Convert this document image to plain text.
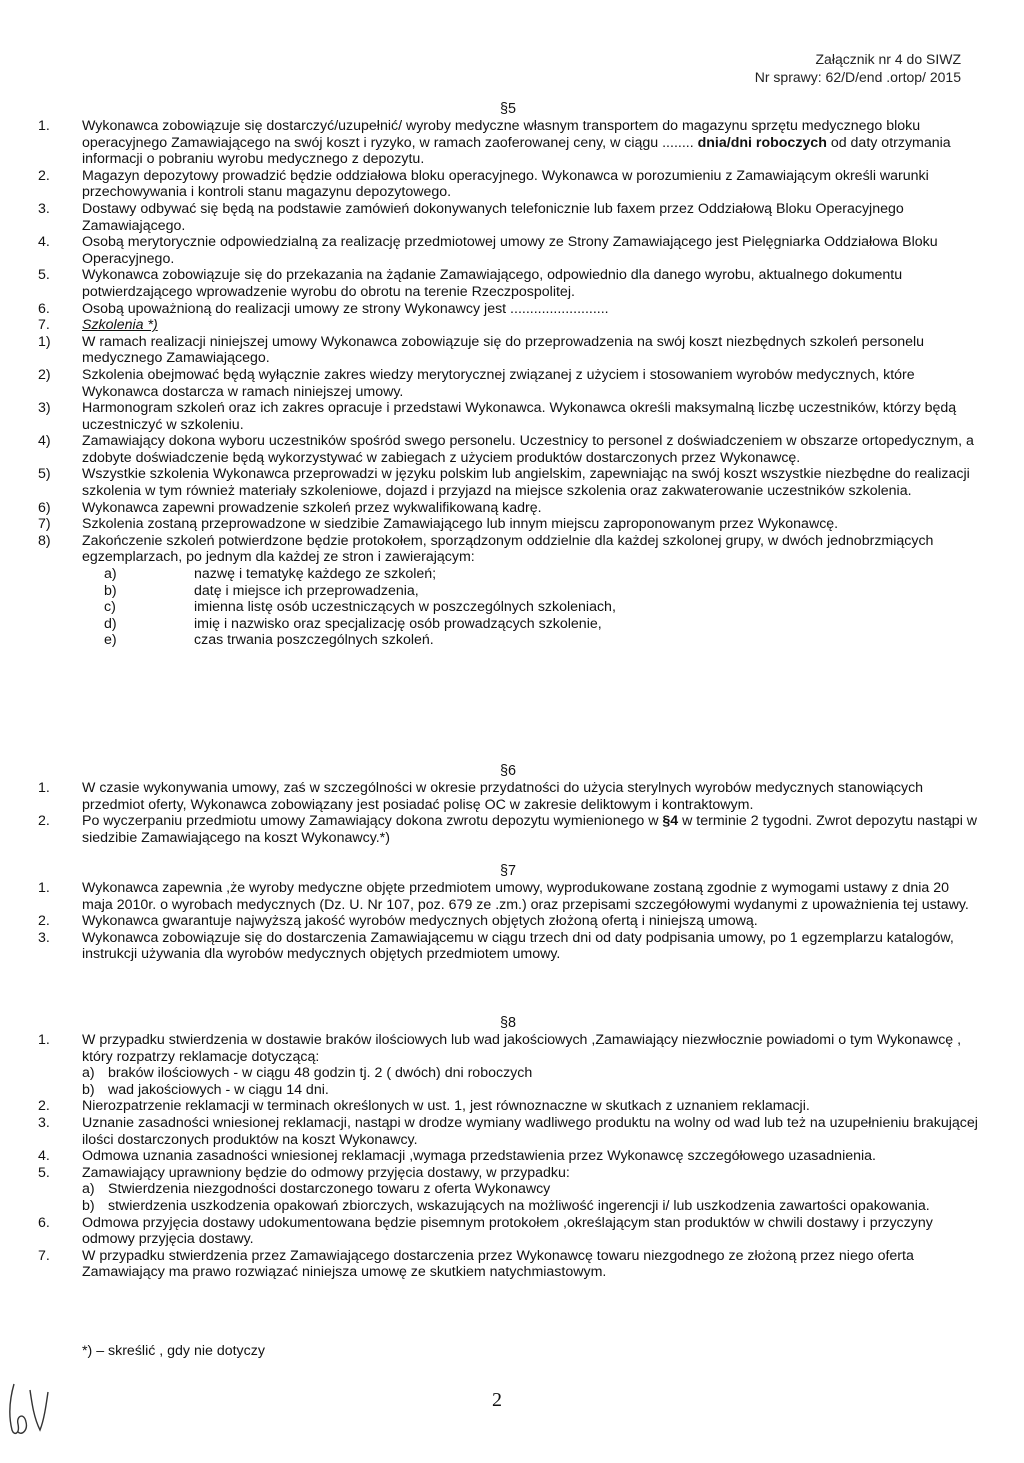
Załącznik nr 4 do SIWZ
Nr sprawy: 62/D/end .ortop/ 2015
§5
1.	Wykonawca zobowiązuje się dostarczyć/uzupełnić/ wyroby medyczne własnym transportem do magazynu sprzętu medycznego bloku operacyjnego Zamawiającego na swój koszt i ryzyko, w ramach zaoferowanej ceny, w ciągu ........ dnia/dni roboczych od daty otrzymania informacji o pobraniu wyrobu medycznego z depozytu.
2.	Magazyn depozytowy prowadzić będzie oddziałowa bloku operacyjnego. Wykonawca w porozumieniu z Zamawiającym określi warunki przechowywania i kontroli stanu magazynu depozytowego.
3.	Dostawy odbywać się będą na podstawie zamówień dokonywanych telefonicznie lub faxem przez Oddziałową Bloku Operacyjnego Zamawiającego.
4.	Osobą merytorycznie odpowiedzialną za realizację przedmiotowej umowy ze Strony Zamawiającego jest Pielęgniarka Oddziałowa Bloku Operacyjnego.
5.	Wykonawca zobowiązuje się do przekazania na żądanie Zamawiającego, odpowiednio dla danego wyrobu, aktualnego dokumentu potwierdzającego wprowadzenie wyrobu do obrotu na terenie Rzeczpospolitej.
6.	Osobą upoważnioną do realizacji umowy ze strony Wykonawcy jest .........................
7.	Szkolenia *)
1)	W ramach realizacji niniejszej umowy Wykonawca zobowiązuje się do przeprowadzenia na swój koszt niezbędnych szkoleń personelu medycznego Zamawiającego.
2)	Szkolenia obejmować będą wyłącznie zakres wiedzy merytorycznej związanej z użyciem i stosowaniem wyrobów medycznych, które Wykonawca dostarcza w ramach niniejszej umowy.
3)	Harmonogram szkoleń oraz ich zakres opracuje i przedstawi Wykonawca. Wykonawca określi maksymalną liczbę uczestników, którzy będą uczestniczyć w szkoleniu.
4)	Zamawiający dokona wyboru uczestników spośród swego personelu. Uczestnicy to personel z doświadczeniem w obszarze ortopedycznym, a zdobyte doświadczenie będą wykorzystywać w zabiegach z użyciem produktów dostarczonych przez Wykonawcę.
5)	Wszystkie szkolenia Wykonawca przeprowadzi w języku polskim lub angielskim, zapewniając na swój koszt wszystkie niezbędne do realizacji szkolenia w tym również materiały szkoleniowe, dojazd i przyjazd na miejsce szkolenia oraz zakwaterowanie uczestników szkolenia.
6)	Wykonawca zapewni prowadzenie szkoleń przez wykwalifikowaną kadrę.
7)	Szkolenia zostaną przeprowadzone w siedzibie Zamawiającego lub innym miejscu zaproponowanym przez Wykonawcę.
8)	Zakończenie szkoleń potwierdzone będzie protokołem, sporządzonym oddzielnie dla każdej szkolonej grupy, w dwóch jednobrzmiących egzemplarzach, po jednym dla każdej ze stron i zawierającym:
a)	nazwę i tematykę każdego ze szkoleń;
b)	datę i miejsce ich przeprowadzenia,
c)	imienna listę osób uczestniczących w poszczególnych szkoleniach,
d)	imię i nazwisko oraz specjalizację osób prowadzących szkolenie,
e)	czas trwania poszczególnych szkoleń.
§6
1.	W czasie wykonywania umowy, zaś w szczególności w okresie przydatności do użycia sterylnych wyrobów medycznych stanowiących przedmiot oferty, Wykonawca zobowiązany jest posiadać polisę OC w zakresie deliktowym i kontraktowym.
2.	Po wyczerpaniu przedmiotu umowy Zamawiający dokona zwrotu depozytu wymienionego w §4 w terminie 2 tygodni. Zwrot depozytu nastąpi w siedzibie Zamawiającego na koszt Wykonawcy.*)
§7
1.	Wykonawca zapewnia ,że wyroby medyczne objęte przedmiotem umowy, wyprodukowane zostaną zgodnie z wymogami ustawy z dnia 20 maja 2010r. o wyrobach medycznych (Dz. U. Nr 107, poz. 679 ze .zm.) oraz przepisami szczegółowymi wydanymi z upoważnienia tej ustawy.
2.	Wykonawca gwarantuje najwyższą jakość wyrobów medycznych objętych złożoną ofertą i niniejszą umową.
3.	Wykonawca zobowiązuje się do dostarczenia Zamawiającemu w ciągu trzech dni od daty podpisania umowy, po 1 egzemplarzu katalogów, instrukcji używania dla wyrobów medycznych objętych przedmiotem umowy.
§8
1.	W przypadku stwierdzenia w dostawie braków ilościowych lub wad jakościowych ,Zamawiający niezwłocznie powiadomi o tym Wykonawcę , który rozpatrzy reklamacje dotyczącą:
a) braków ilościowych - w ciągu 48 godzin tj. 2 ( dwóch) dni roboczych
b) wad jakościowych - w ciągu 14 dni.
2.	Nierozpatrzenie reklamacji w terminach określonych w ust. 1, jest równoznaczne w skutkach z uznaniem reklamacji.
3.	Uznanie zasadności wniesionej reklamacji, nastąpi w drodze wymiany wadliwego produktu na wolny od wad lub też na uzupełnieniu brakującej ilości dostarczonych produktów na koszt Wykonawcy.
4.	Odmowa uznania zasadności wniesionej reklamacji ,wymaga przedstawienia przez Wykonawcę szczegółowego uzasadnienia.
5.	Zamawiający uprawniony będzie do odmowy przyjęcia dostawy, w przypadku:
a) Stwierdzenia niezgodności dostarczonego towaru z oferta Wykonawcy
b) stwierdzenia uszkodzenia opakowań zbiorczych, wskazujących na możliwość ingerencji i/ lub uszkodzenia zawartości opakowania.
6.	Odmowa przyjęcia dostawy udokumentowana będzie pisemnym protokołem ,określającym stan produktów w chwili dostawy i przyczyny odmowy przyjęcia dostawy.
7.	W przypadku stwierdzenia przez Zamawiającego dostarczenia przez Wykonawcę towaru niezgodnego ze złożoną przez niego oferta Zamawiający ma prawo rozwiązać niniejsza umowę ze skutkiem natychmiastowym.
*) – skreślić , gdy nie dotyczy
2
